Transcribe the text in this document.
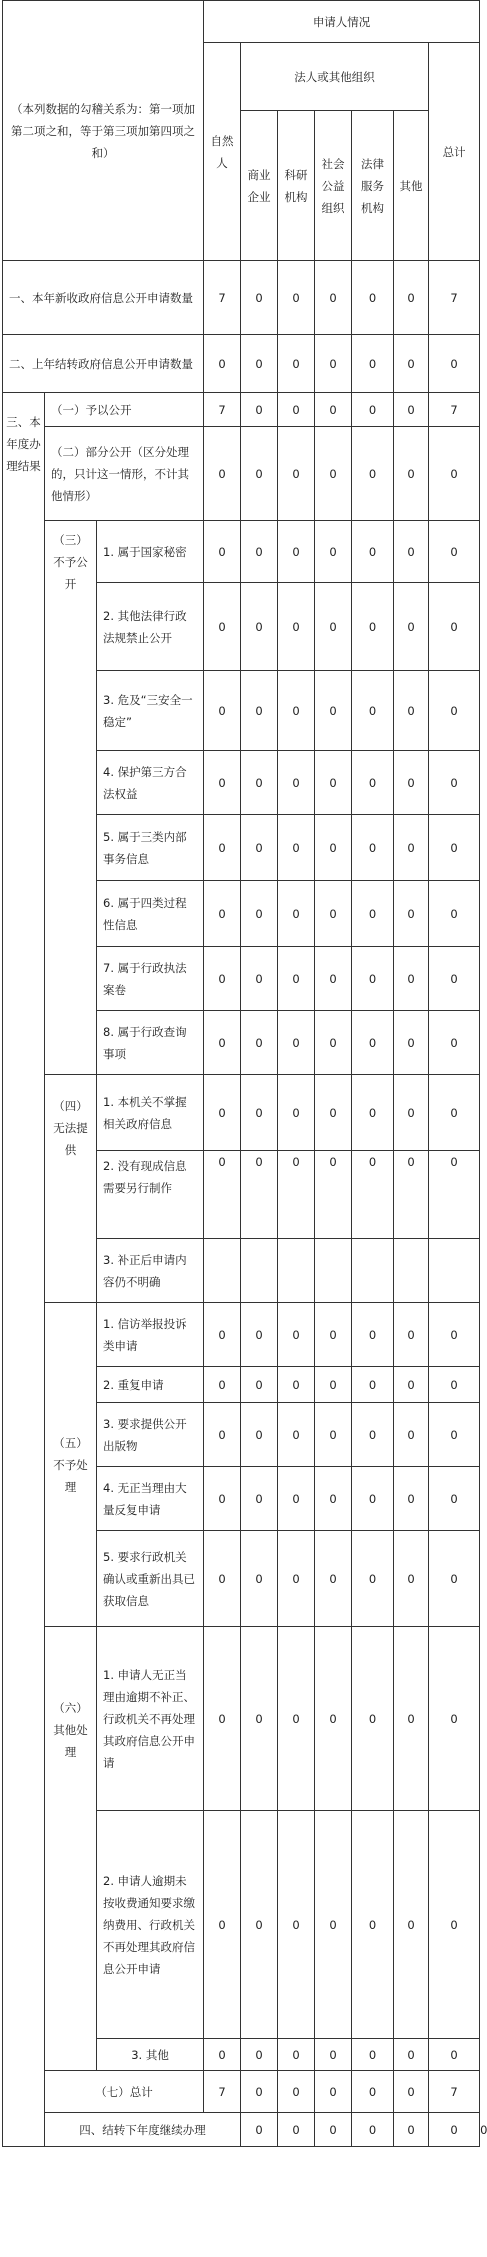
（本列数据的勾稽关系为：第一项加第二项之和，等于第三项加第四项之和）			申请人情况							
			自然人	法人或其他组织					总计	
				商业企业	科研机构	社会公益组织	法律服务机构	其他		
一、本年新收政府信息公开申请数量			7	0	0	0	0	0	7	
二、上年结转政府信息公开申请数量			0	0	0	0	0	0	0	
三、本年度办理结果	（一）予以公开		7	0	0	0	0	0	7	
	（二）部分公开（区分处理的，只计这一情形，不计其他情形）		0	0	0	0	0	0	0	
	（三）不予公开	1. 属于国家秘密	0	0	0	0	0	0	0	
		2. 其他法律行政法规禁止公开	0	0	0	0	0	0	0	
		3. 危及“三安全一稳定”	0	0	0	0	0	0	0	
		4. 保护第三方合法权益	0	0	0	0	0	0	0	
		5. 属于三类内部事务信息	0	0	0	0	0	0	0	
		6. 属于四类过程性信息	0	0	0	0	0	0	0	
		7. 属于行政执法案卷	0	0	0	0	0	0	0	
		8. 属于行政查询事项	0	0	0	0	0	0	0	
	（四）无法提供	1. 本机关不掌握相关政府信息	0	0	0	0	0	0	0	
		2. 没有现成信息需要另行制作	0	0	0	0	0	0	0	
		3. 补正后申请内容仍不明确								
	（五）不予处理	1. 信访举报投诉类申请	0	0	0	0	0	0	0	
		2. 重复申请	0	0	0	0	0	0	0	
		3. 要求提供公开出版物	0	0	0	0	0	0	0	
		4. 无正当理由大量反复申请	0	0	0	0	0	0	0	
		5. 要求行政机关确认或重新出具已获取信息	0	0	0	0	0	0	0	
	（六）其他处理	1. 申请人无正当理由逾期不补正、行政机关不再处理其政府信息公开申请	0	0	0	0	0	0	0	
		2. 申请人逾期未按收费通知要求缴纳费用、行政机关不再处理其政府信息公开申请	0	0	0	0	0	0	0	
		3. 其他	0	0	0	0	0	0	0	
	（七）总计		7	0	0	0	0	0	7	
	四、结转下年度继续办理			0	0	0	0	0	0	0
